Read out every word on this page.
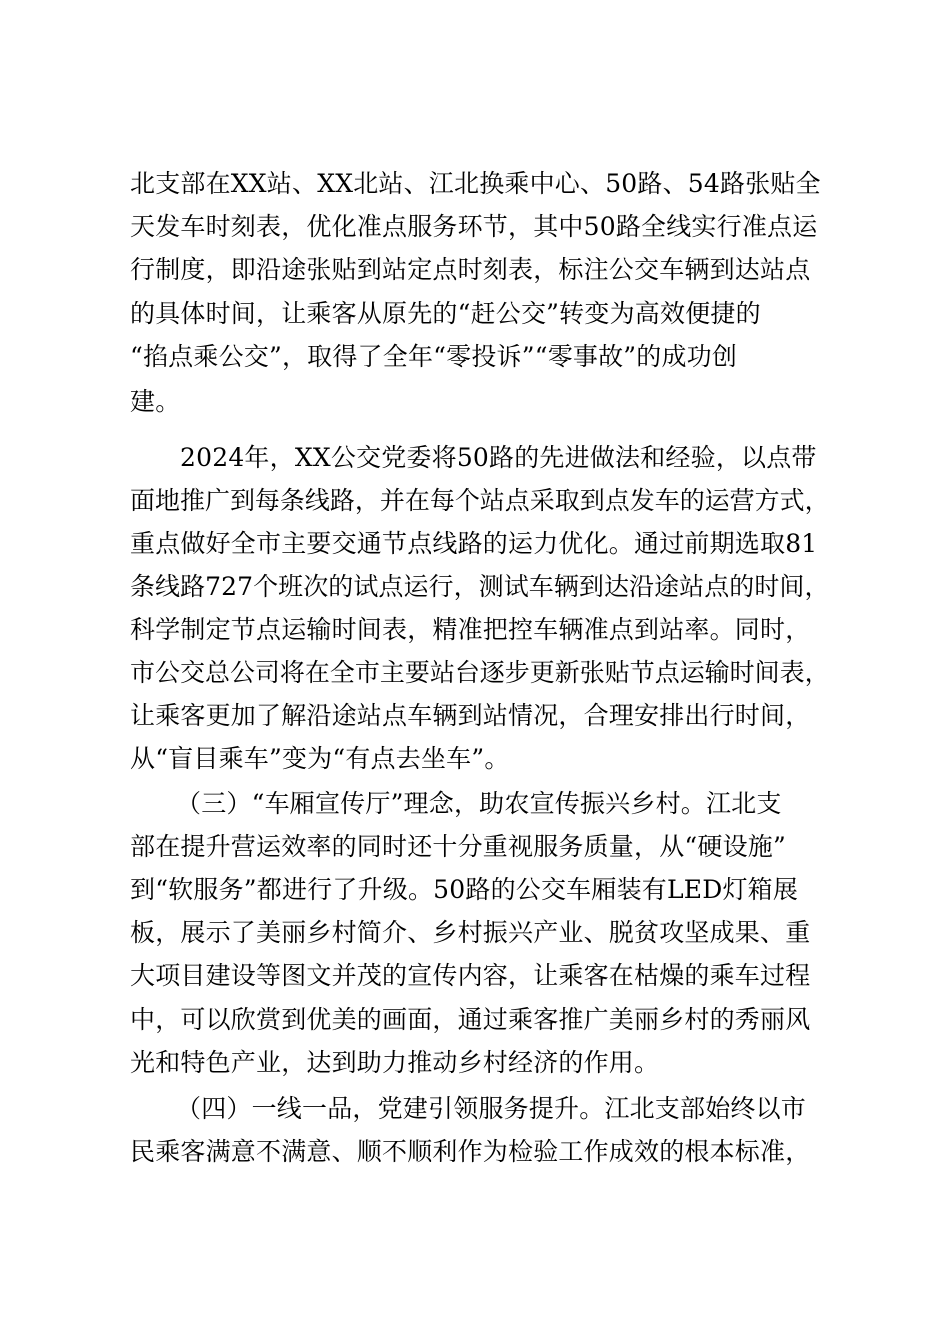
北支部在XX站、XX北站、江北换乘中心、50路、54路张贴全

天发车时刻表，优化准点服务环节，其中50路全线实行准点运

行制度，即沿途张贴到站定点时刻表，标注公交车辆到达站点

的具体时间，让乘客从原先的“赶公交”转变为高效便捷的

“掐点乘公交”，取得了全年“零投诉”“零事故”的成功创

建。

2024年，XX公交党委将50路的先进做法和经验，以点带

面地推广到每条线路，并在每个站点采取到点发车的运营方式，

重点做好全市主要交通节点线路的运力优化。通过前期选取81

条线路727个班次的试点运行，测试车辆到达沿途站点的时间，

科学制定节点运输时间表，精准把控车辆准点到站率。同时，

市公交总公司将在全市主要站台逐步更新张贴节点运输时间表，

让乘客更加了解沿途站点车辆到站情况，合理安排出行时间，

从“盲目乘车”变为“有点去坐车”。

（三）“车厢宣传厅”理念，助农宣传振兴乡村。江北支

部在提升营运效率的同时还十分重视服务质量，从“硬设施”

到“软服务”都进行了升级。50路的公交车厢装有LED灯箱展

板，展示了美丽乡村简介、乡村振兴产业、脱贫攻坚成果、重

大项目建设等图文并茂的宣传内容，让乘客在枯燥的乘车过程

中，可以欣赏到优美的画面，通过乘客推广美丽乡村的秀丽风

光和特色产业，达到助力推动乡村经济的作用。

（四）一线一品，党建引领服务提升。江北支部始终以市

民乘客满意不满意、顺不顺利作为检验工作成效的根本标准，
